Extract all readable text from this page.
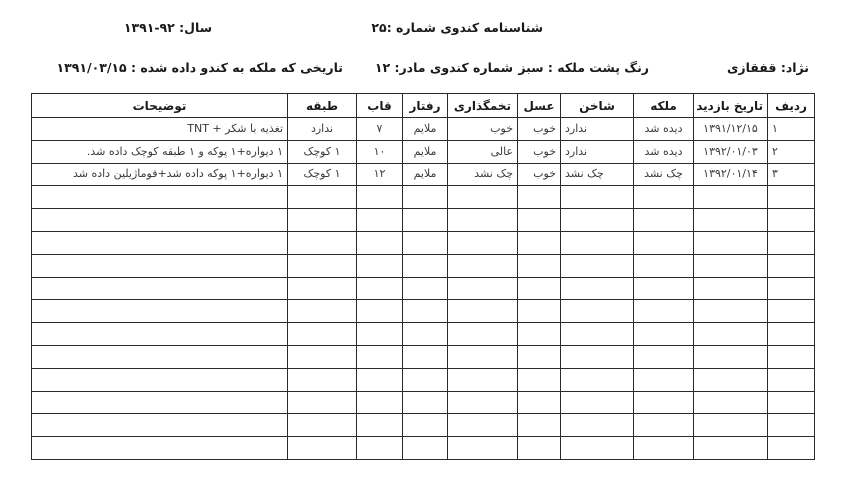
شناسنامه کندوی شماره :۲۵
سال: ۹۲-۱۳۹۱
نژاد: قفقازی
رنگ پشت ملکه : سبز
شماره کندوی مادر: ۱۲
تاریخی که ملکه به کندو داده شده : ۱۳۹۱/۰۳/۱۵
ردیف	تاریخ بازدید	ملکه	شاخن	عسل	تخمگذاری	رفتار	قاب	طبقه	توضیحات
۱	۱۳۹۱/۱۲/۱۵	دیده شد	ندارد	خوب	خوب	ملایم	۷	ندارد	تغذیه با شکر + TNT
۲	۱۳۹۲/۰۱/۰۳	دیده شد	ندارد	خوب	عالی	ملایم	۱۰	۱ کوچک	۱ دیواره+۱ پوکه و ۱ طبقه کوچک داده شد.
۳	۱۳۹۲/۰۱/۱۴	چک نشد	چک نشد	خوب	چک نشد	ملایم	۱۲	۱ کوچک	۱ دیواره+۱ پوکه داده شد+فوماژیلین داده شد
